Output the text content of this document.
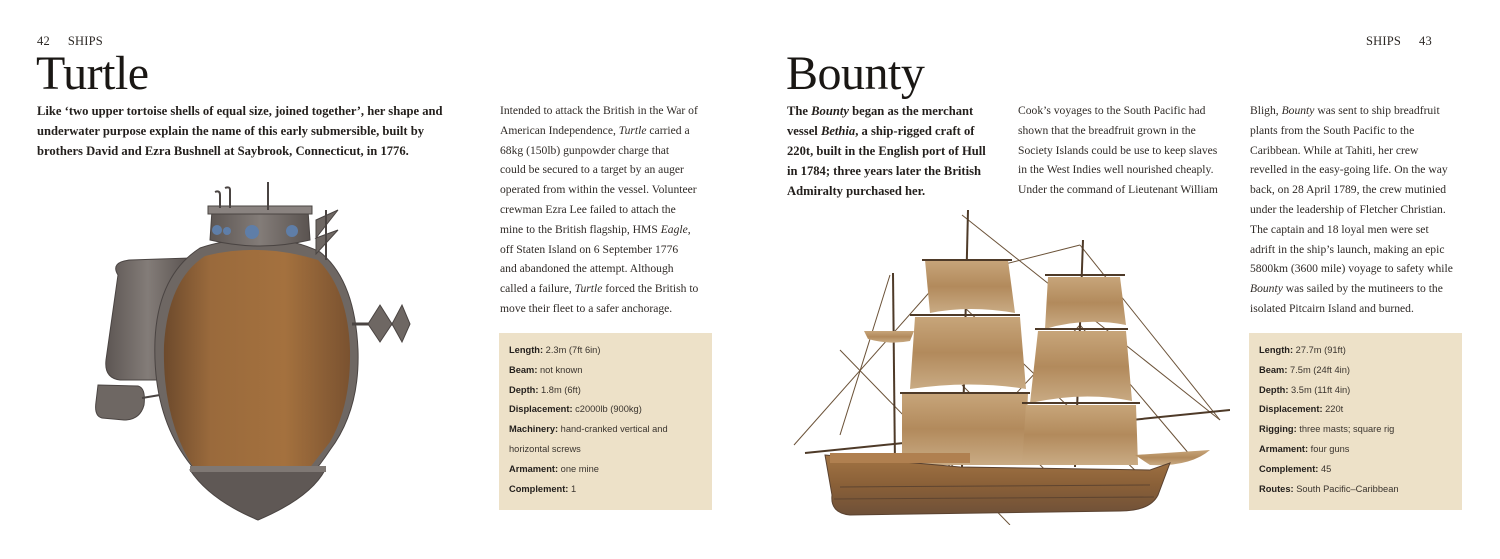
42 SHIPS
Turtle
Like ‘two upper tortoise shells of equal size, joined together’, her shape and
underwater purpose explain the name of this early submersible, built by
brothers David and Ezra Bushnell at Saybrook, Connecticut, in 1776.
Intended to attack the British in the War of
American Independence, Turtle carried a
68kg (150lb) gunpowder charge that
could be secured to a target by an auger
operated from within the vessel. Volunteer
crewman Ezra Lee failed to attach the
mine to the British flagship, HMS Eagle,
off Staten Island on 6 September 1776
and abandoned the attempt. Although
called a failure, Turtle forced the British to
move their fleet to a safer anchorage.
Length: 2.3m (7ft 6in)
Beam: not known
Depth: 1.8m (6ft)
Displacement: c2000lb (900kg)
Machinery: hand-cranked vertical and
horizontal screws
Armament: one mine
Complement: 1
SHIPS 43
Bounty
The Bounty began as the merchant
vessel Bethia, a ship-rigged craft of
220t, built in the English port of Hull
in 1784; three years later the British
Admiralty purchased her.
Cook’s voyages to the South Pacific had
shown that the breadfruit grown in the
Society Islands could be use to keep slaves
in the West Indies well nourished cheaply.
Under the command of Lieutenant William
Bligh, Bounty was sent to ship breadfruit
plants from the South Pacific to the
Caribbean. While at Tahiti, her crew
revelled in the easy-going life. On the way
back, on 28 April 1789, the crew mutinied
under the leadership of Fletcher Christian.
The captain and 18 loyal men were set
adrift in the ship’s launch, making an epic
5800km (3600 mile) voyage to safety while
Bounty was sailed by the mutineers to the
isolated Pitcairn Island and burned.
Length: 27.7m (91ft)
Beam: 7.5m (24ft 4in)
Depth: 3.5m (11ft 4in)
Displacement: 220t
Rigging: three masts; square rig
Armament: four guns
Complement: 45
Routes: South Pacific–Caribbean
